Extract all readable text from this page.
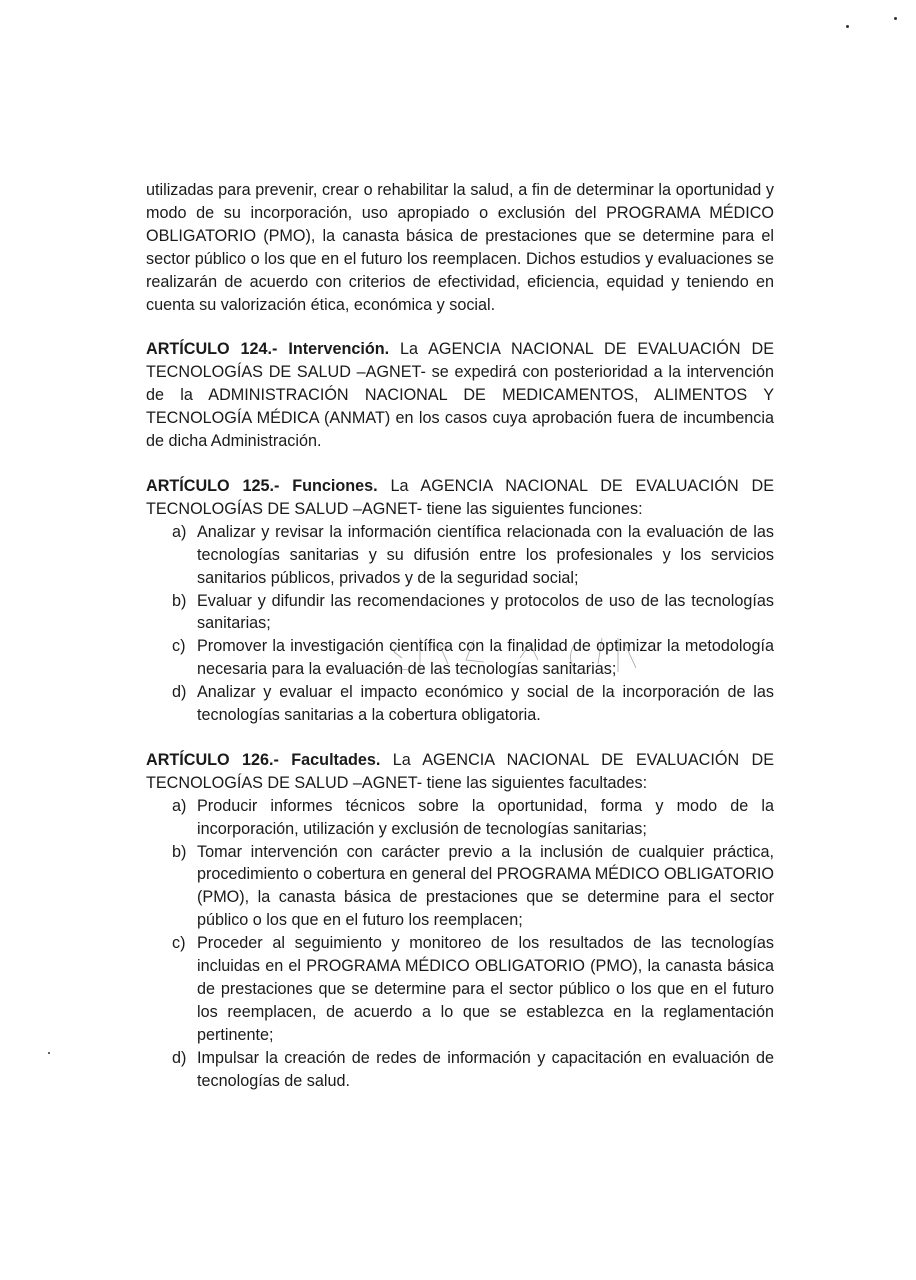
utilizadas para prevenir, crear o rehabilitar la salud, a fin de determinar la oportunidad y modo de su incorporación, uso apropiado o exclusión del PROGRAMA MÉDICO OBLIGATORIO (PMO), la canasta básica de prestaciones que se determine para el sector público o los que en el futuro los reemplacen. Dichos estudios y evaluaciones se realizarán de acuerdo con criterios de efectividad, eficiencia, equidad y teniendo en cuenta su valorización ética, económica y social.

ARTÍCULO 124.- Intervención. La AGENCIA NACIONAL DE EVALUACIÓN DE TECNOLOGÍAS DE SALUD –AGNET- se expedirá con posterioridad a la intervención de la ADMINISTRACIÓN NACIONAL DE MEDICAMENTOS, ALIMENTOS Y TECNOLOGÍA MÉDICA (ANMAT) en los casos cuya aprobación fuera de incumbencia de dicha Administración.

ARTÍCULO 125.- Funciones. La AGENCIA NACIONAL DE EVALUACIÓN DE TECNOLOGÍAS DE SALUD –AGNET- tiene las siguientes funciones:

a) Analizar y revisar la información científica relacionada con la evaluación de las tecnologías sanitarias y su difusión entre los profesionales y los servicios sanitarios públicos, privados y de la seguridad social;
b) Evaluar y difundir las recomendaciones y protocolos de uso de las tecnologías sanitarias;
c) Promover la investigación científica con la finalidad de optimizar la metodología necesaria para la evaluación de las tecnologías sanitarias;
d) Analizar y evaluar el impacto económico y social de la incorporación de las tecnologías sanitarias a la cobertura obligatoria.

ARTÍCULO 126.- Facultades. La AGENCIA NACIONAL DE EVALUACIÓN DE TECNOLOGÍAS DE SALUD –AGNET- tiene las siguientes facultades:

a) Producir informes técnicos sobre la oportunidad, forma y modo de la incorporación, utilización y exclusión de tecnologías sanitarias;
b) Tomar intervención con carácter previo a la inclusión de cualquier práctica, procedimiento o cobertura en general del PROGRAMA MÉDICO OBLIGATORIO (PMO), la canasta básica de prestaciones que se determine para el sector público o los que en el futuro los reemplacen;
c) Proceder al seguimiento y monitoreo de los resultados de las tecnologías incluidas en el PROGRAMA MÉDICO OBLIGATORIO (PMO), la canasta básica de prestaciones que se determine para el sector público o los que en el futuro los reemplacen, de acuerdo a lo que se establezca en la reglamentación pertinente;
d) Impulsar la creación de redes de información y capacitación en evaluación de tecnologías de salud.
